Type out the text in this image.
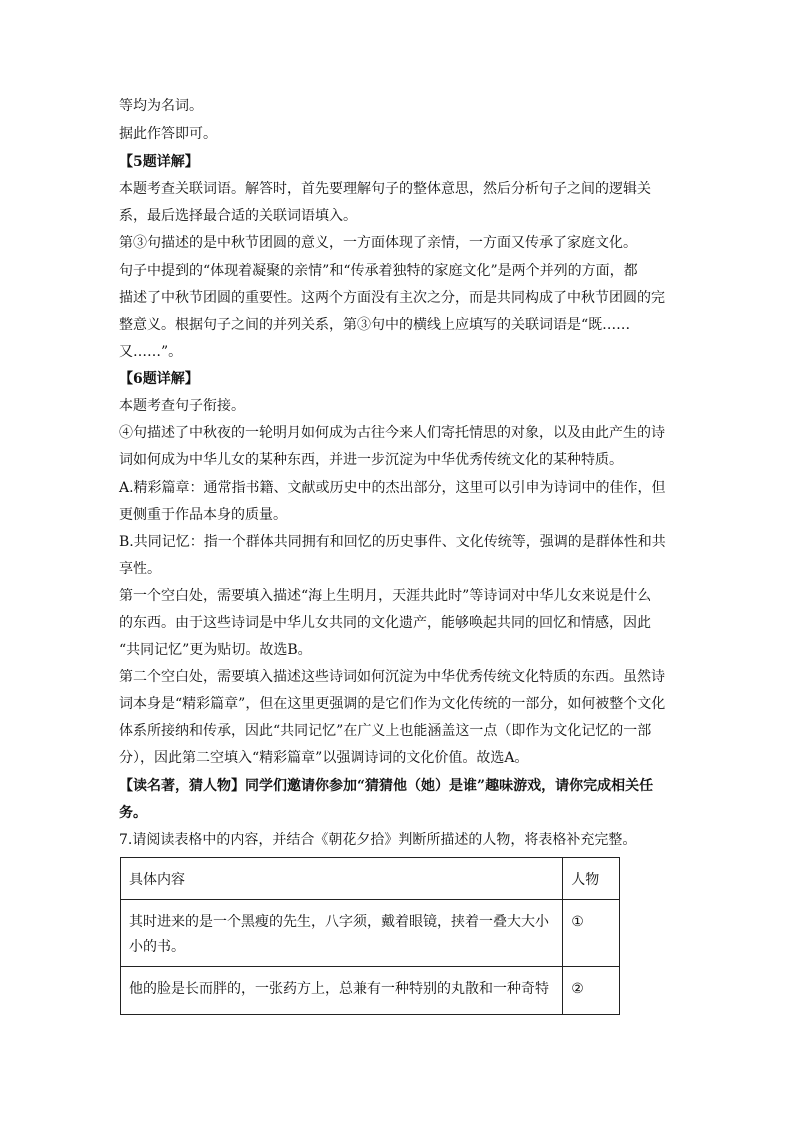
等均为名词。
据此作答即可。
【5题详解】
本题考查关联词语。解答时，首先要理解句子的整体意思，然后分析句子之间的逻辑关
系，最后选择最合适的关联词语填入。
第③句描述的是中秋节团圆的意义，一方面体现了亲情，一方面又传承了家庭文化。
句子中提到的“体现着凝聚的亲情”和“传承着独特的家庭文化”是两个并列的方面，都
描述了中秋节团圆的重要性。这两个方面没有主次之分，而是共同构成了中秋节团圆的完
整意义。根据句子之间的并列关系，第③句中的横线上应填写的关联词语是“既……
又……”。
【6题详解】
本题考查句子衔接。
④句描述了中秋夜的一轮明月如何成为古往今来人们寄托情思的对象，以及由此产生的诗
词如何成为中华儿女的某种东西，并进一步沉淀为中华优秀传统文化的某种特质。
A.精彩篇章：通常指书籍、文献或历史中的杰出部分，这里可以引申为诗词中的佳作，但
更侧重于作品本身的质量。
B.共同记忆：指一个群体共同拥有和回忆的历史事件、文化传统等，强调的是群体性和共
享性。
第一个空白处，需要填入描述“海上生明月，天涯共此时”等诗词对中华儿女来说是什么
的东西。由于这些诗词是中华儿女共同的文化遗产，能够唤起共同的回忆和情感，因此
“共同记忆”更为贴切。故选B。
第二个空白处，需要填入描述这些诗词如何沉淀为中华优秀传统文化特质的东西。虽然诗
词本身是“精彩篇章”，但在这里更强调的是它们作为文化传统的一部分，如何被整个文化
体系所接纳和传承，因此“共同记忆”在广义上也能涵盖这一点（即作为文化记忆的一部
分），因此第二空填入“精彩篇章”以强调诗词的文化价值。故选A。
【读名著，猜人物】同学们邀请你参加“猜猜他（她）是谁”趣味游戏，请你完成相关任
务。
7.请阅读表格中的内容，并结合《朝花夕拾》判断所描述的人物，将表格补充完整。
具体内容	人物

其时进来的是一个黑瘦的先生，八字须，戴着眼镜，挟着一叠大大小
小的书。	①

他的脸是长而胖的，一张药方上，总兼有一种特别的丸散和一种奇特	②
